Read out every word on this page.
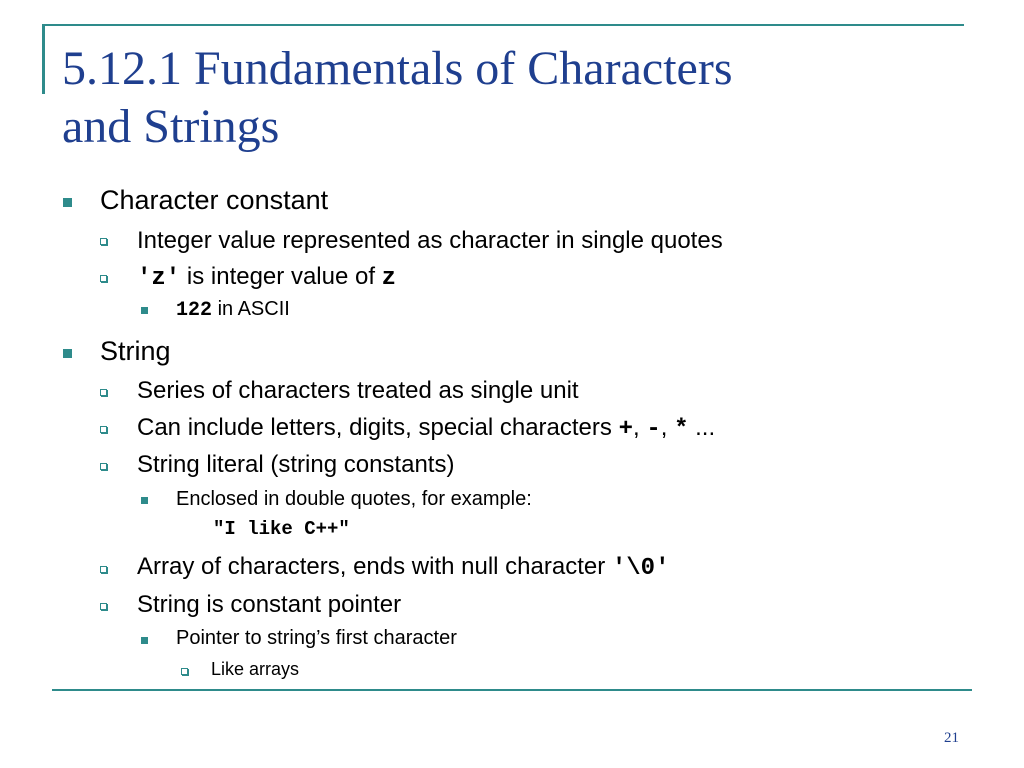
5.12.1 Fundamentals of Characters
and Strings
Character constant
Integer value represented as character in single quotes
'z' is integer value of z
122 in ASCII
String
Series of characters treated as single unit
Can include letters, digits, special characters + , - , * ...
String literal (string constants)
Enclosed in double quotes, for example:
"I like C++"
Array of characters, ends with null character '\0'
String is constant pointer
Pointer to string’s first character
Like arrays
21
